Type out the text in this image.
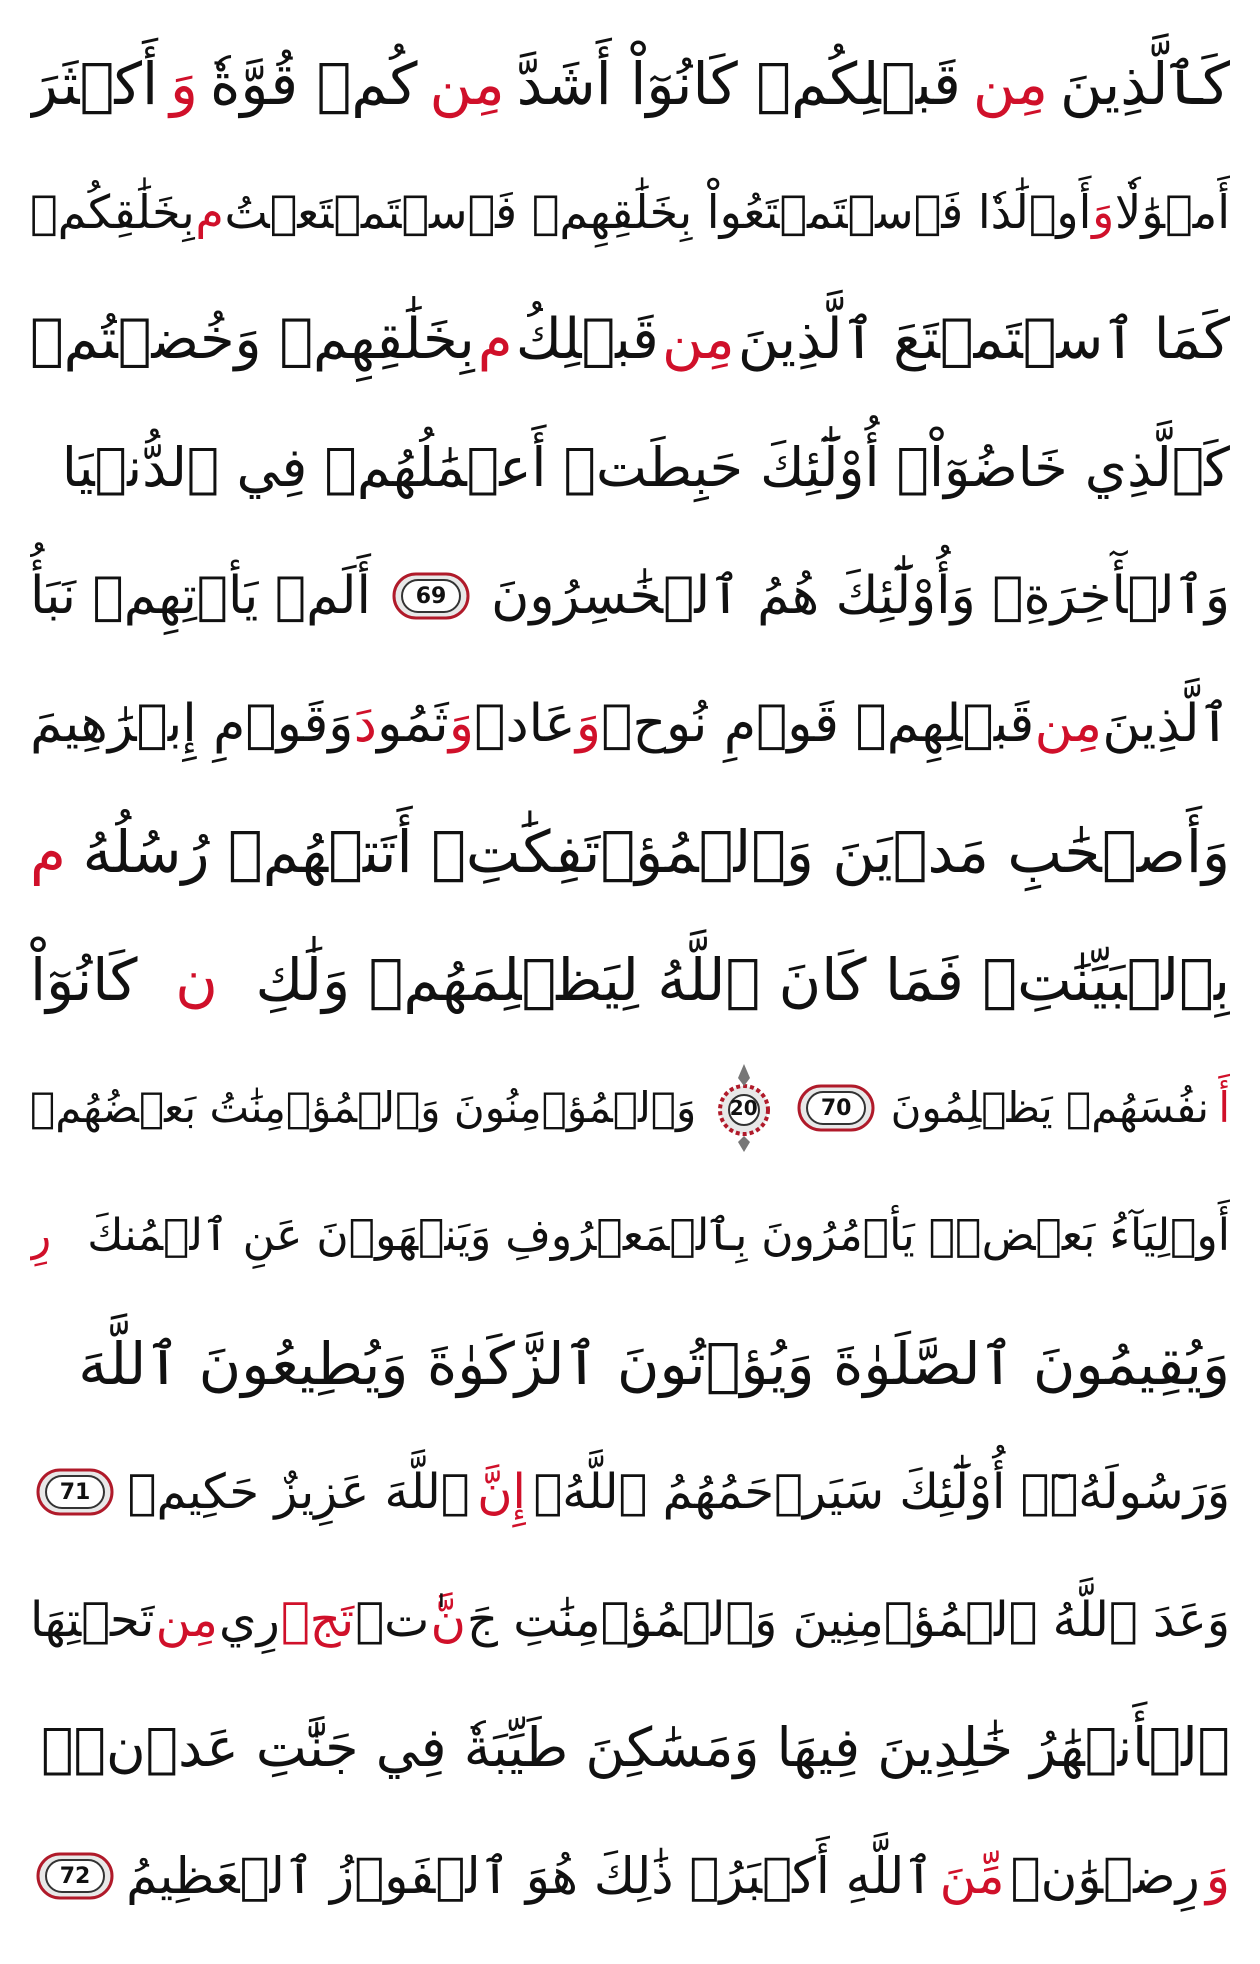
كَٱلَّذِينَ
مِن
قَبۡلِكُمۡ كَانُوٓاْ أَشَدَّ
مِن
كُمۡ قُوَّةٗ
وَ
أَكۡثَرَ
أَمۡوَٰلٗا
وَ
أَوۡلَٰدٗا فَٱسۡتَمۡتَعُواْ بِخَلَٰقِهِمۡ فَٱسۡتَمۡتَعۡتُ
م
بِخَلَٰقِكُمۡ
كَمَا ٱسۡتَمۡتَعَ ٱلَّذِينَ
مِن
قَبۡلِكُ
م
بِخَلَٰقِهِمۡ وَخُضۡتُمۡ
كَٱلَّذِي خَاضُوٓاْۚ أُوْلَٰٓئِكَ حَبِطَتۡ أَعۡمَٰلُهُمۡ فِي ٱلدُّنۡيَا
وَٱلۡأٓخِرَةِۖ وَأُوْلَٰٓئِكَ هُمُ ٱلۡخَٰسِرُونَ
69
أَلَمۡ يَأۡتِهِمۡ نَبَأُ
ٱلَّذِينَ
مِن
قَبۡلِهِمۡ قَوۡمِ نُوحٖ
وَ
عَادٖ
وَ
ثَمُو
دَ
وَقَوۡمِ إِبۡرَٰهِيمَ
وَأَصۡحَٰبِ مَدۡيَنَ وَٱلۡمُؤۡتَفِكَٰتِۚ أَتَتۡهُمۡ رُسُلُهُ
م
بِٱلۡبَيِّنَٰتِۖ فَمَا كَانَ ٱللَّهُ لِيَظۡلِمَهُمۡ وَلَٰكِ
ن
كَانُوٓاْ
أَ
نفُسَهُمۡ يَظۡلِمُونَ
70
20
وَٱلۡمُؤۡمِنُونَ وَٱلۡمُؤۡمِنَٰتُ بَعۡضُهُمۡ
أَوۡلِيَآءُ بَعۡضٖۚ يَأۡمُرُونَ بِٱلۡمَعۡرُوفِ وَيَنۡهَوۡنَ عَنِ ٱلۡمُنكَ
رِ
وَيُقِيمُونَ ٱلصَّلَوٰةَ وَيُؤۡتُونَ ٱلزَّكَوٰةَ وَيُطِيعُونَ ٱللَّهَ
وَرَسُولَهُۥٓۚ أُوْلَٰٓئِكَ سَيَرۡحَمُهُمُ ٱللَّهُۗ
إِنَّ
ٱللَّهَ عَزِيزٌ حَكِيمٞ
71
وَعَدَ ٱللَّهُ ٱلۡمُؤۡمِنِينَ وَٱلۡمُؤۡمِنَٰتِ جَ
نَّ
ٰتٖ
تَجۡ
رِي
مِن
تَحۡتِهَا
ٱلۡأَنۡهَٰرُ خَٰلِدِينَ فِيهَا وَمَسَٰكِنَ طَيِّبَةٗ فِي جَنَّٰتِ عَدۡنٖۚ
وَ
رِضۡوَٰنٞ
مِّنَ
ٱللَّهِ أَكۡبَرُۚ ذَٰلِكَ هُوَ ٱلۡفَوۡزُ ٱلۡعَظِيمُ
72
